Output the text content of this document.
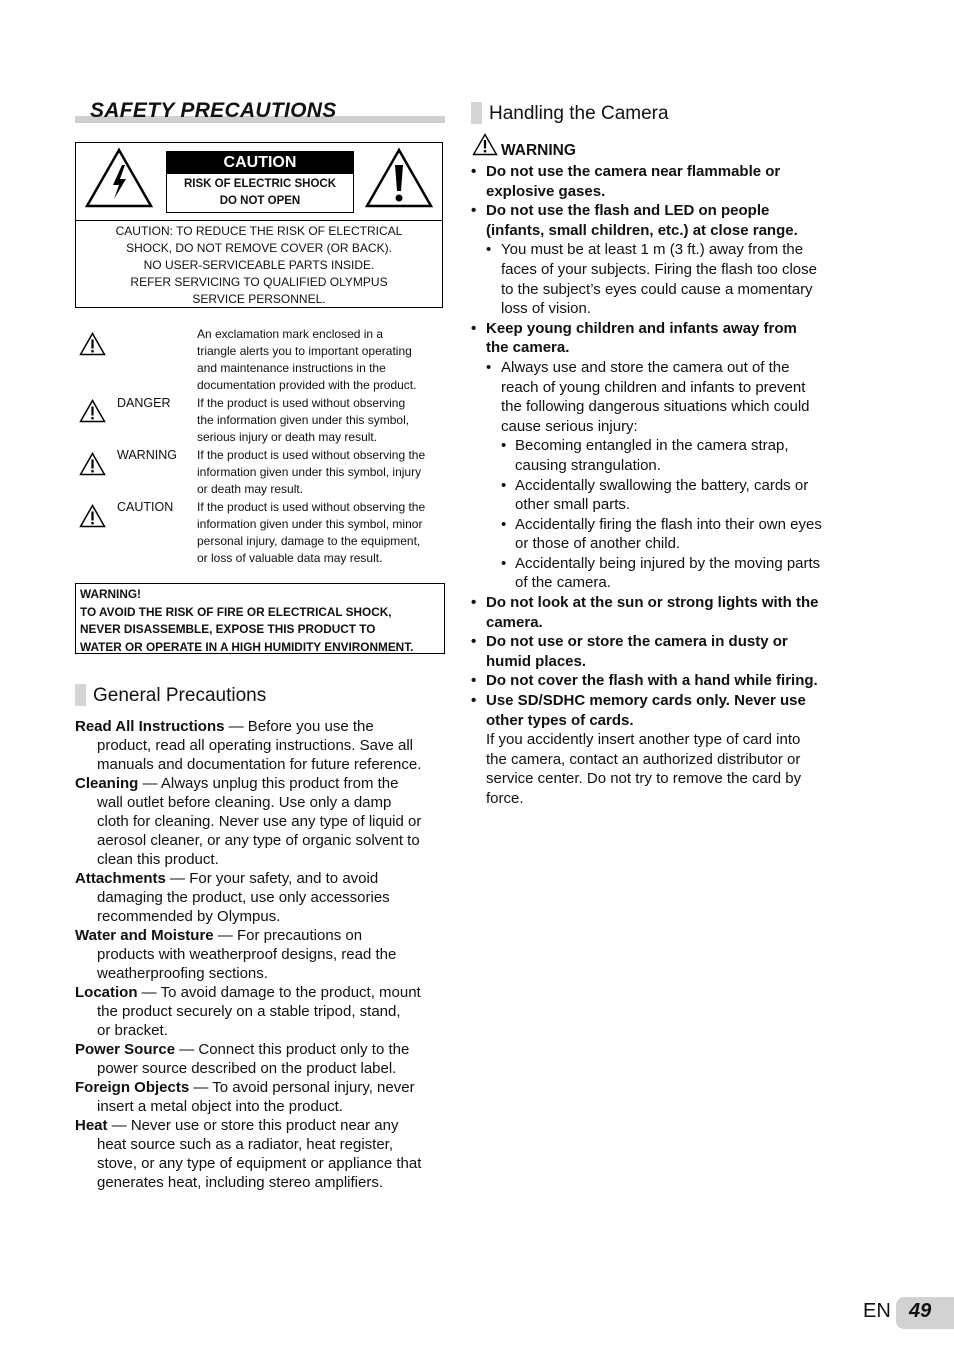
SAFETY PRECAUTIONS
CAUTION
RISK OF ELECTRIC SHOCK
DO NOT OPEN
CAUTION: TO REDUCE THE RISK OF ELECTRICAL
SHOCK, DO NOT REMOVE COVER (OR BACK).
NO USER-SERVICEABLE PARTS INSIDE.
REFER SERVICING TO QUALIFIED OLYMPUS
SERVICE PERSONNEL.
An exclamation mark enclosed in a
triangle alerts you to important operating
and maintenance instructions in the
documentation provided with the product.
DANGER If the product is used without observing
the information given under this symbol,
serious injury or death may result.
WARNING If the product is used without observing the
information given under this symbol, injury
or death may result.
CAUTION If the product is used without observing the
information given under this symbol, minor
personal injury, damage to the equipment,
or loss of valuable data may result.
WARNING!
TO AVOID THE RISK OF FIRE OR ELECTRICAL SHOCK,
NEVER DISASSEMBLE, EXPOSE THIS PRODUCT TO
WATER OR OPERATE IN A HIGH HUMIDITY ENVIRONMENT.
General Precautions
Read All Instructions — Before you use the
product, read all operating instructions. Save all
manuals and documentation for future reference.
Cleaning — Always unplug this product from the
wall outlet before cleaning. Use only a damp
cloth for cleaning. Never use any type of liquid or
aerosol cleaner, or any type of organic solvent to
clean this product.
Attachments — For your safety, and to avoid
damaging the product, use only accessories
recommended by Olympus.
Water and Moisture — For precautions on
products with weatherproof designs, read the
weatherproofing sections.
Location — To avoid damage to the product, mount
the product securely on a stable tripod, stand,
or bracket.
Power Source — Connect this product only to the
power source described on the product label.
Foreign Objects — To avoid personal injury, never
insert a metal object into the product.
Heat — Never use or store this product near any
heat source such as a radiator, heat register,
stove, or any type of equipment or appliance that
generates heat, including stereo amplifiers.
Handling the Camera
WARNING
• Do not use the camera near flammable or
explosive gases.
• Do not use the flash and LED on people
(infants, small children, etc.) at close range.
• You must be at least 1 m (3 ft.) away from the
faces of your subjects. Firing the flash too close
to the subject’s eyes could cause a momentary
loss of vision.
• Keep young children and infants away from
the camera.
• Always use and store the camera out of the
reach of young children and infants to prevent
the following dangerous situations which could
cause serious injury:
• Becoming entangled in the camera strap,
causing strangulation.
• Accidentally swallowing the battery, cards or
other small parts.
• Accidentally firing the flash into their own eyes
or those of another child.
• Accidentally being injured by the moving parts
of the camera.
• Do not look at the sun or strong lights with the
camera.
• Do not use or store the camera in dusty or
humid places.
• Do not cover the flash with a hand while firing.
• Use SD/SDHC memory cards only. Never use
other types of cards.
If you accidently insert another type of card into
the camera, contact an authorized distributor or
service center. Do not try to remove the card by
force.
EN 49
